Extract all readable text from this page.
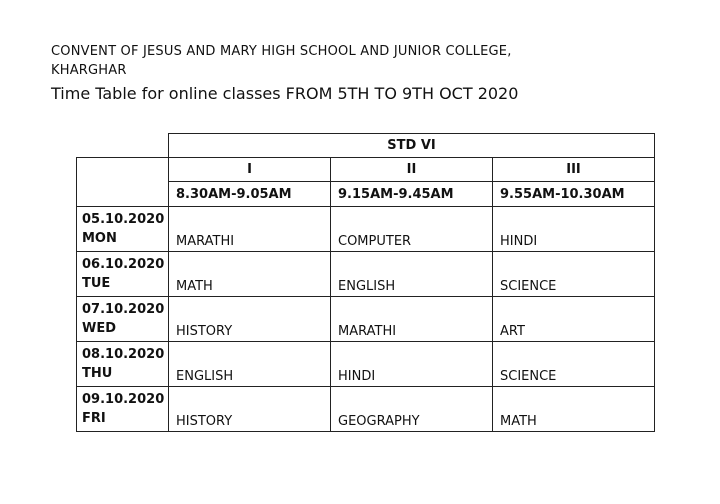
CONVENT OF JESUS AND MARY HIGH SCHOOL AND JUNIOR COLLEGE,
KHARGHAR
Time Table for online classes FROM 5TH TO 9TH OCT 2020
	STD VI		
	I	II	III
	8.30AM-9.05AM	9.15AM-9.45AM	9.55AM-10.30AM

05.10.2020
MON	MARATHI	COMPUTER	HINDI

06.10.2020
TUE	MATH	ENGLISH	SCIENCE

07.10.2020
WED	HISTORY	MARATHI	ART

08.10.2020
THU	ENGLISH	HINDI	SCIENCE

09.10.2020
FRI	HISTORY	GEOGRAPHY	MATH
